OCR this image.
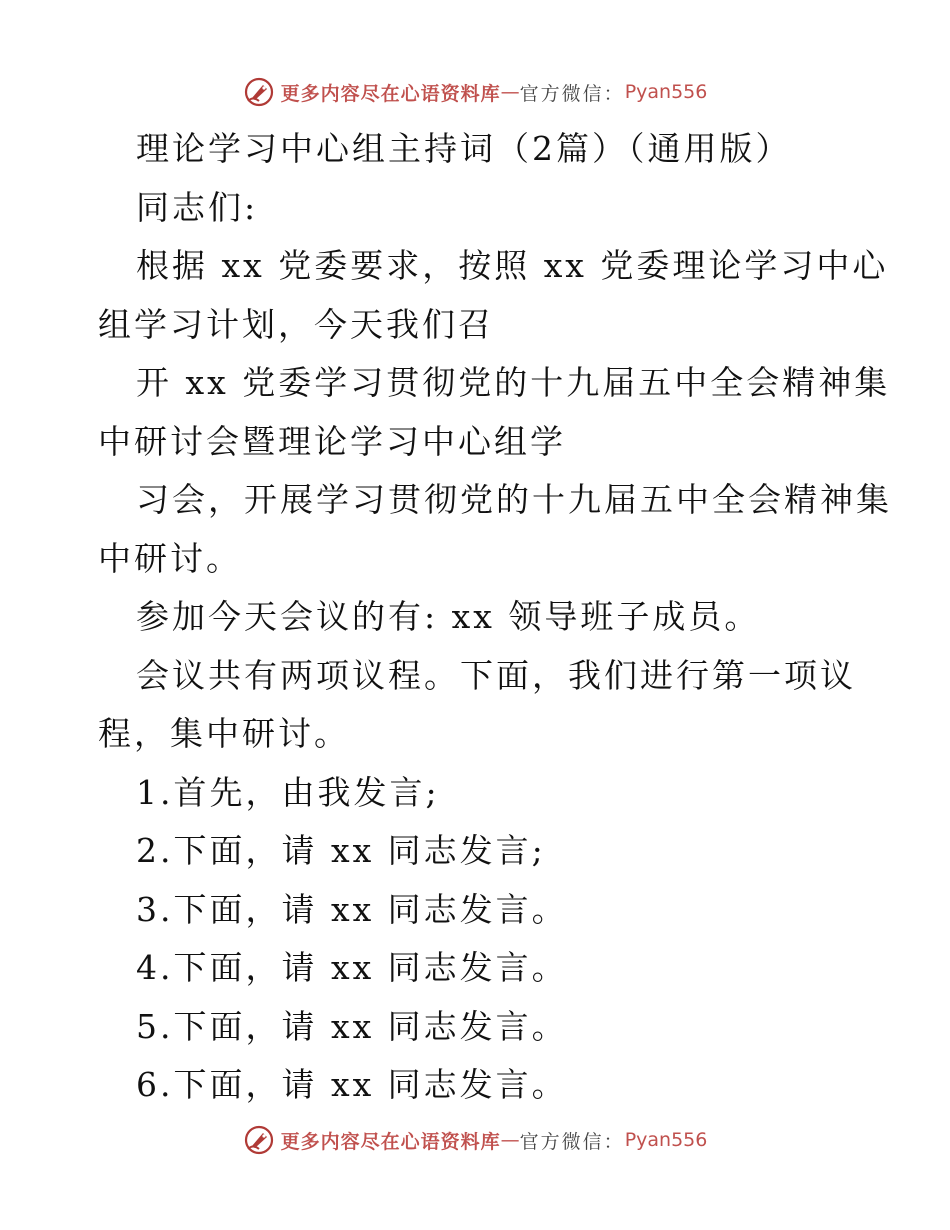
更多内容尽在心语资料库 — 官方微信： Pyan556

理论学习中心组主持词（2篇）（通用版）

同志们:

根据 xx 党委要求，按照 xx 党委理论学习中心

组学习计划，今天我们召

开 xx 党委学习贯彻党的十九届五中全会精神集

中研讨会暨理论学习中心组学

习会，开展学习贯彻党的十九届五中全会精神集

中研讨。

参加今天会议的有: xx 领导班子成员。

会议共有两项议程。下面，我们进行第一项议

程，集中研讨。

1.首先，由我发言;

2.下面，请 xx 同志发言;

3.下面，请 xx 同志发言。

4.下面，请 xx 同志发言。

5.下面，请 xx 同志发言。

6.下面，请 xx 同志发言。

更多内容尽在心语资料库 — 官方微信： Pyan556
